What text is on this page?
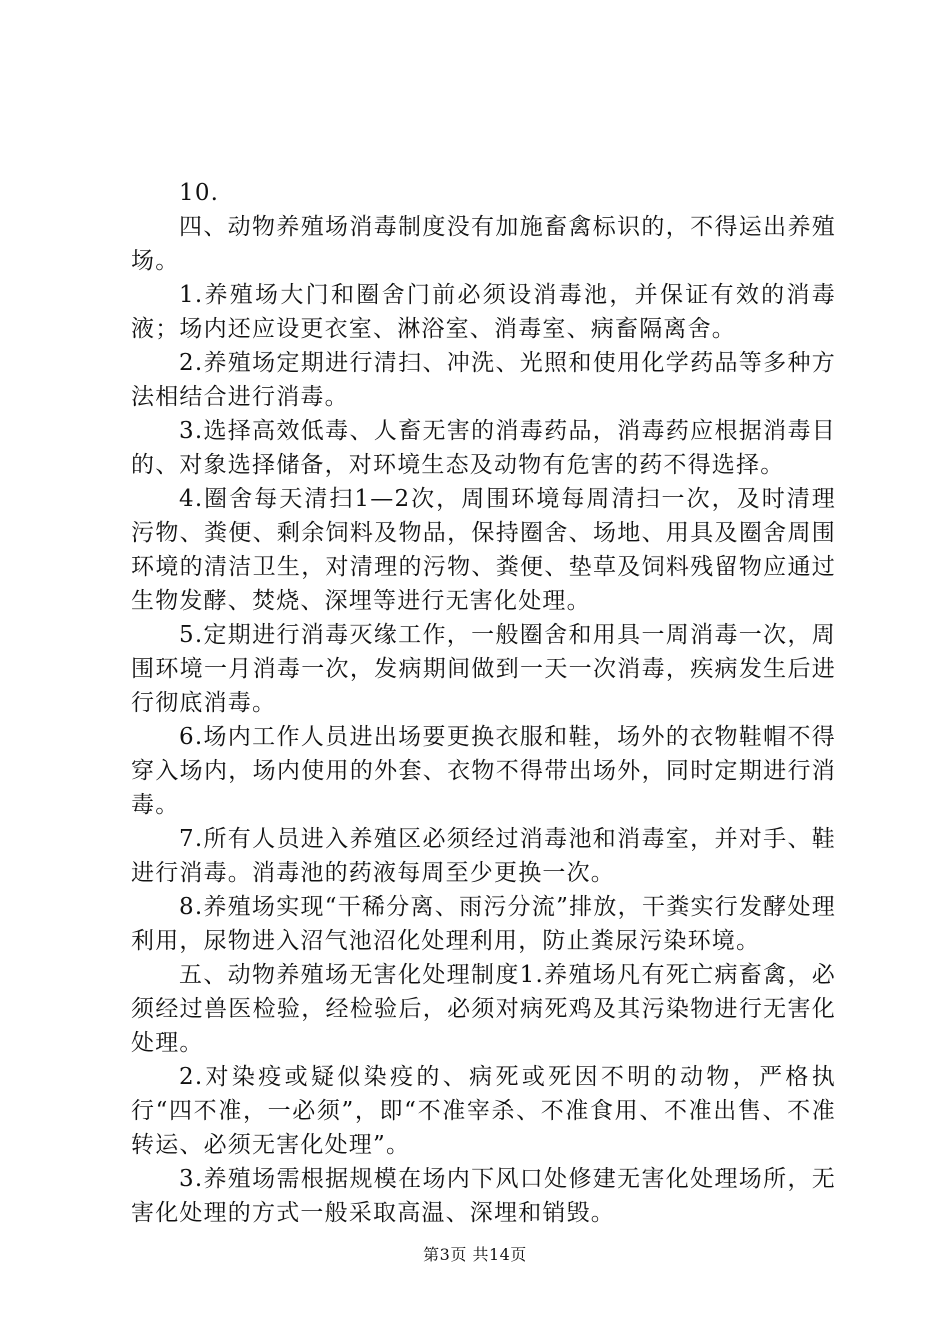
10.

四、动物养殖场消毒制度没有加施畜禽标识的，不得运出养殖场。

1.养殖场大门和圈舍门前必须设消毒池，并保证有效的消毒液；场内还应设更衣室、淋浴室、消毒室、病畜隔离舍。

2.养殖场定期进行清扫、冲洗、光照和使用化学药品等多种方法相结合进行消毒。

3.选择高效低毒、人畜无害的消毒药品，消毒药应根据消毒目的、对象选择储备，对环境生态及动物有危害的药不得选择。

4.圈舍每天清扫1—2次，周围环境每周清扫一次，及时清理污物、粪便、剩余饲料及物品，保持圈舍、场地、用具及圈舍周围环境的清洁卫生，对清理的污物、粪便、垫草及饲料残留物应通过生物发酵、焚烧、深埋等进行无害化处理。

5.定期进行消毒灭缘工作，一般圈舍和用具一周消毒一次，周围环境一月消毒一次，发病期间做到一天一次消毒，疾病发生后进行彻底消毒。

6.场内工作人员进出场要更换衣服和鞋，场外的衣物鞋帽不得穿入场内，场内使用的外套、衣物不得带出场外，同时定期进行消毒。

7.所有人员进入养殖区必须经过消毒池和消毒室，并对手、鞋进行消毒。消毒池的药液每周至少更换一次。

8.养殖场实现“干稀分离、雨污分流”排放，干粪实行发酵处理利用，尿物进入沼气池沼化处理利用，防止粪尿污染环境。

五、动物养殖场无害化处理制度1.养殖场凡有死亡病畜禽，必须经过兽医检验，经检验后，必须对病死鸡及其污染物进行无害化处理。

2.对染疫或疑似染疫的、病死或死因不明的动物，严格执行“四不准，一必须”，即“不准宰杀、不准食用、不准出售、不准转运、必须无害化处理”。

3.养殖场需根据规模在场内下风口处修建无害化处理场所，无害化处理的方式一般采取高温、深埋和销毁。

第3页 共14页
